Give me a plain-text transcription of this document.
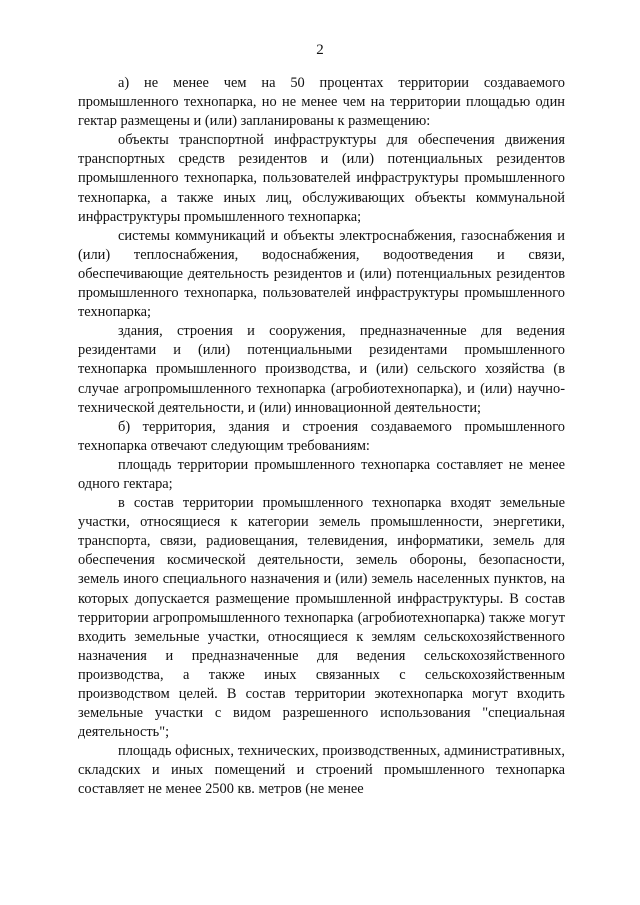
2

а) не менее чем на 50 процентах территории создаваемого промышленного технопарка, но не менее чем на территории площадью один гектар размещены и (или) запланированы к размещению:

объекты транспортной инфраструктуры для обеспечения движения транспортных средств резидентов и (или) потенциальных резидентов промышленного технопарка, пользователей инфраструктуры промышленного технопарка, а также иных лиц, обслуживающих объекты коммунальной инфраструктуры промышленного технопарка;

системы коммуникаций и объекты электроснабжения, газоснабжения и (или) теплоснабжения, водоснабжения, водоотведения и связи, обеспечивающие деятельность резидентов и (или) потенциальных резидентов промышленного технопарка, пользователей инфраструктуры промышленного технопарка;

здания, строения и сооружения, предназначенные для ведения резидентами и (или) потенциальными резидентами промышленного технопарка промышленного производства, и (или) сельского хозяйства (в случае агропромышленного технопарка (агробиотехнопарка), и (или) научно-технической деятельности, и (или) инновационной деятельности;

б) территория, здания и строения создаваемого промышленного технопарка отвечают следующим требованиям:

площадь территории промышленного технопарка составляет не менее одного гектара;

в состав территории промышленного технопарка входят земельные участки, относящиеся к категории земель промышленности, энергетики, транспорта, связи, радиовещания, телевидения, информатики, земель для обеспечения космической деятельности, земель обороны, безопасности, земель иного специального назначения и (или) земель населенных пунктов, на которых допускается размещение промышленной инфраструктуры. В состав территории агропромышленного технопарка (агробиотехнопарка) также могут входить земельные участки, относящиеся к землям сельскохозяйственного назначения и предназначенные для ведения сельскохозяйственного производства, а также иных связанных с сельскохозяйственным производством целей. В состав территории экотехнопарка могут входить земельные участки с видом разрешенного использования "специальная деятельность";

площадь офисных, технических, производственных, административных, складских и иных помещений и строений промышленного технопарка составляет не менее 2500 кв. метров (не менее
